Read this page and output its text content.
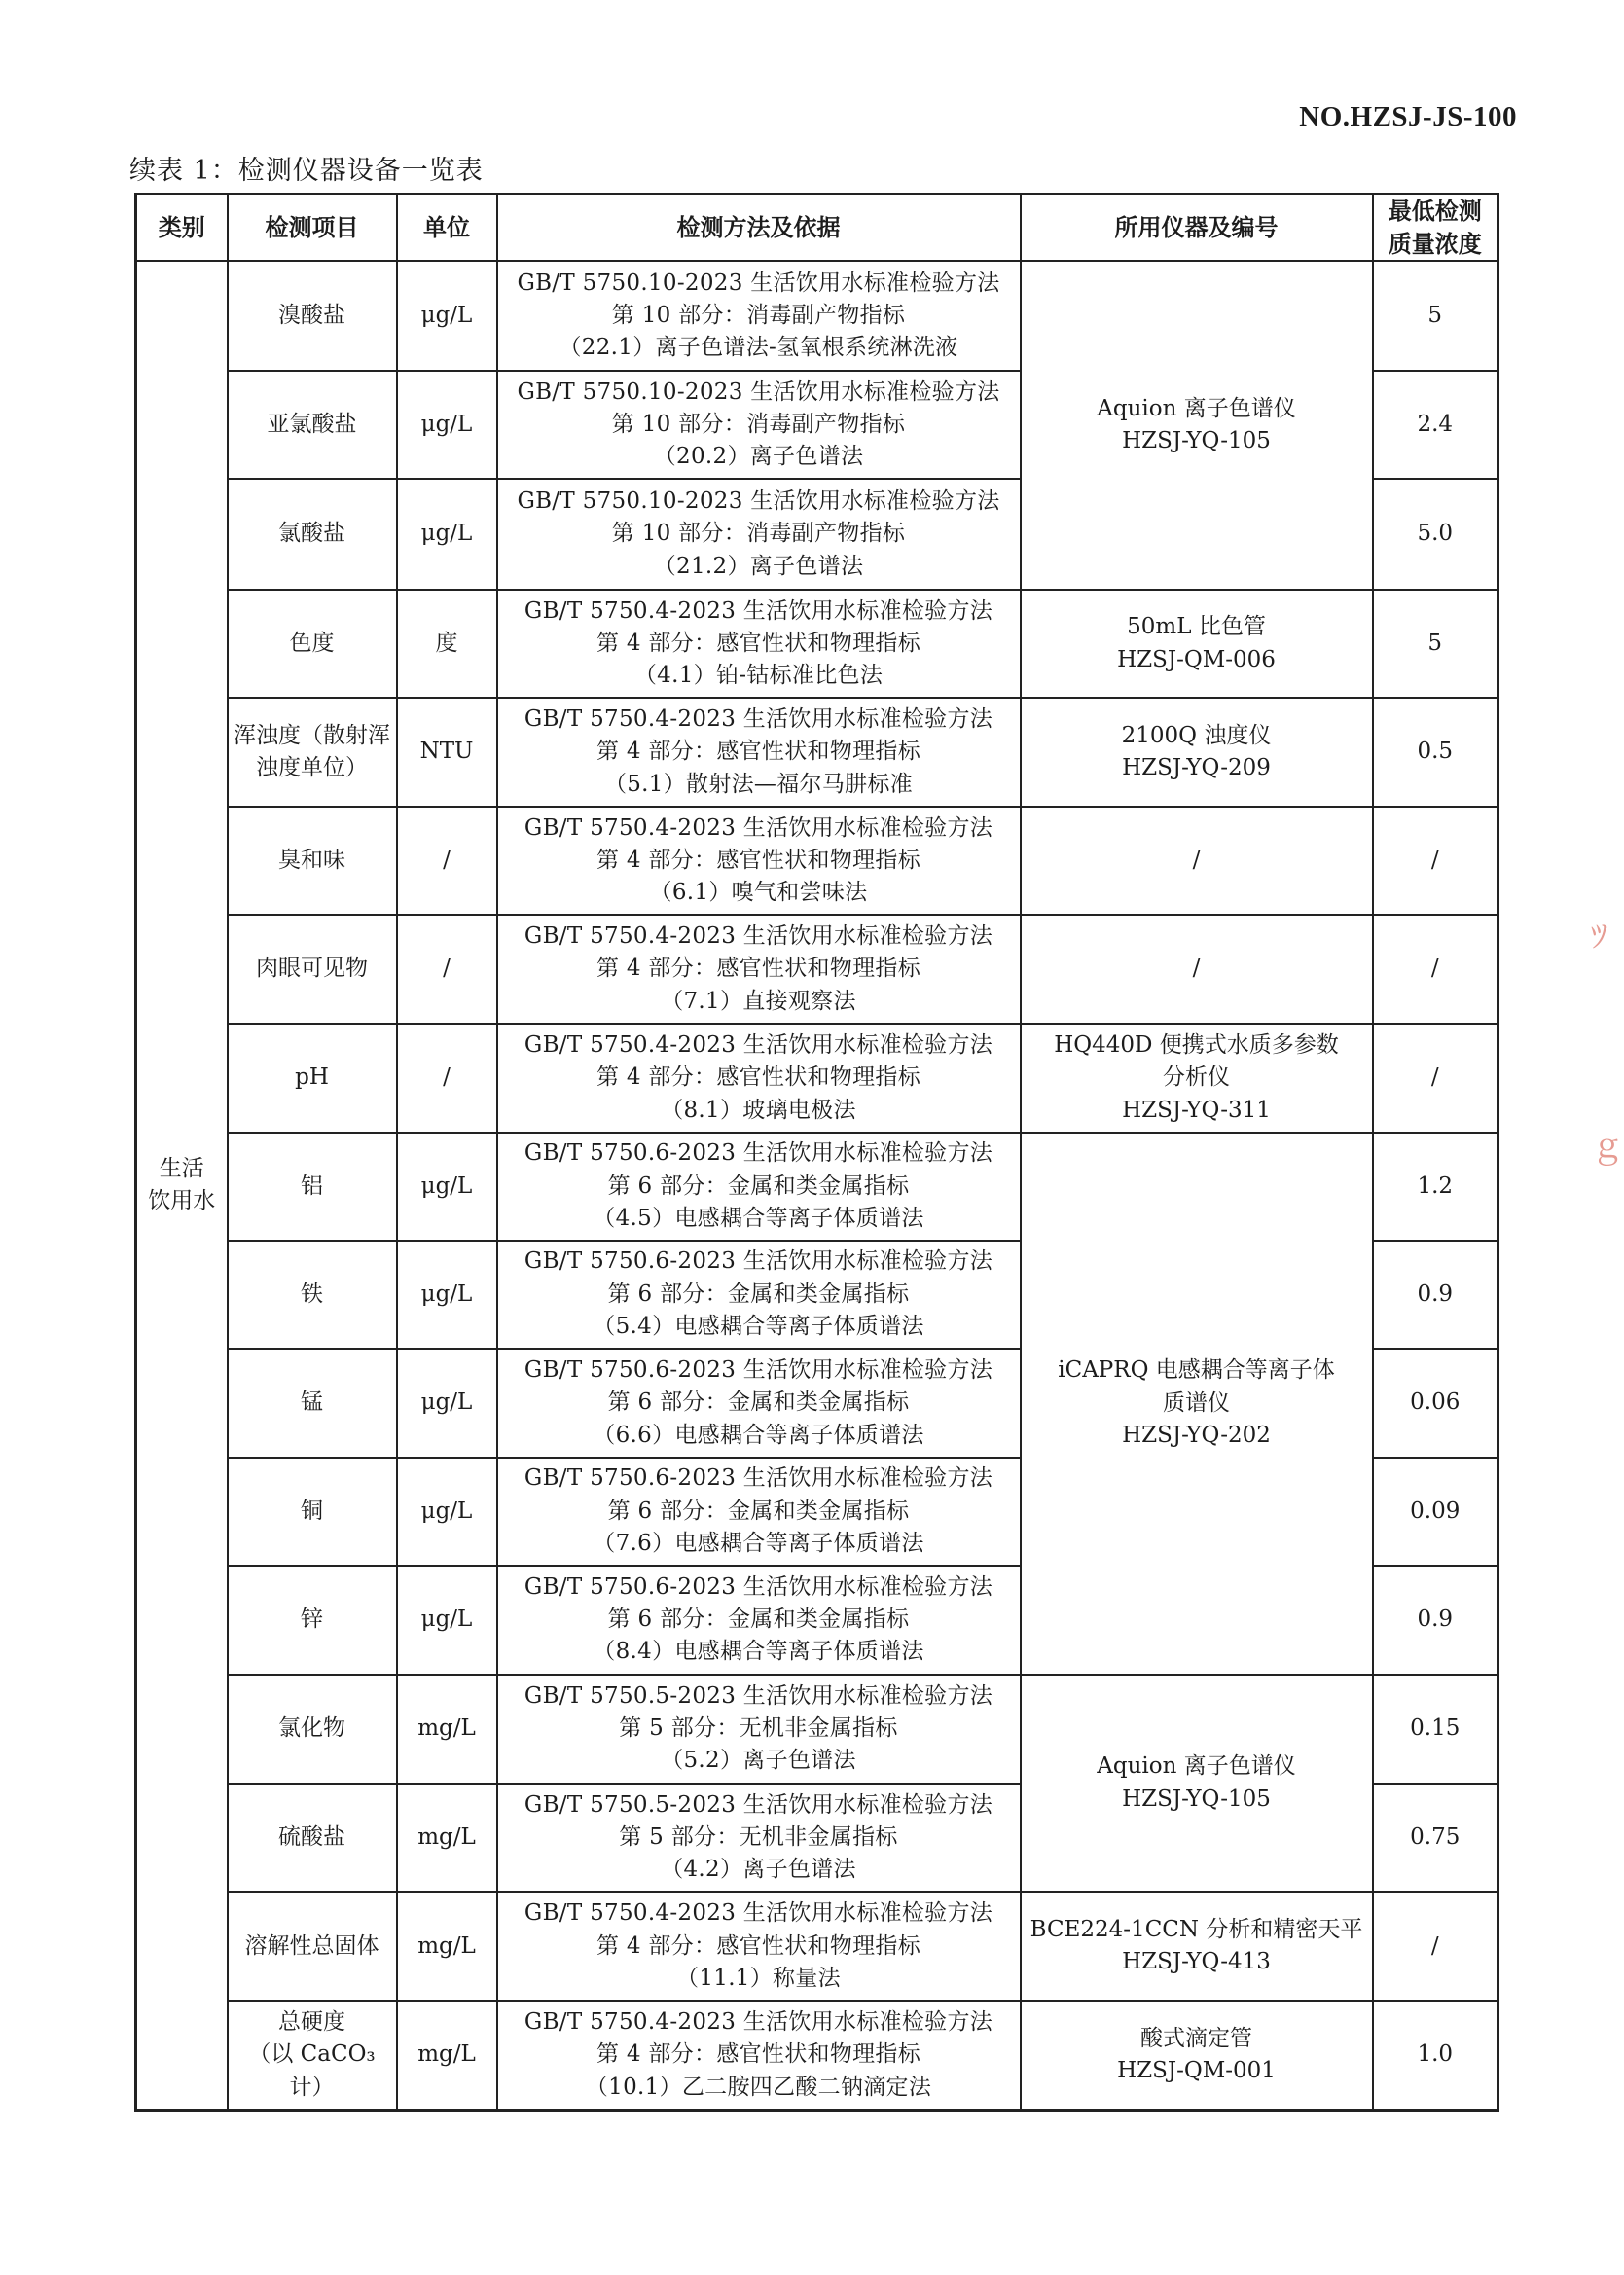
NO.HZSJ-JS-100
续表 1：检测仪器设备一览表
类别	检测项目	单位	检测方法及依据	所用仪器及编号	最低检测
质量浓度

生活
饮用水	溴酸盐	μg/L	GB/T 5750.10-2023 生活饮用水标准检验方法
第 10 部分：消毒副产物指标
（22.1）离子色谱法-氢氧根系统淋洗液	Aquion 离子色谱仪
HZSJ-YQ-105	5

	亚氯酸盐	μg/L	GB/T 5750.10-2023 生活饮用水标准检验方法
第 10 部分：消毒副产物指标
（20.2）离子色谱法		2.4

	氯酸盐	μg/L	GB/T 5750.10-2023 生活饮用水标准检验方法
第 10 部分：消毒副产物指标
（21.2）离子色谱法		5.0

	色度	度	GB/T 5750.4-2023 生活饮用水标准检验方法
第 4 部分：感官性状和物理指标
（4.1）铂-钴标准比色法	50mL 比色管
HZSJ-QM-006	5

	浑浊度（散射浑
浊度单位）	NTU	GB/T 5750.4-2023 生活饮用水标准检验方法
第 4 部分：感官性状和物理指标
（5.1）散射法—福尔马肼标准	2100Q 浊度仪
HZSJ-YQ-209	0.5

	臭和味	/	GB/T 5750.4-2023 生活饮用水标准检验方法
第 4 部分：感官性状和物理指标
（6.1）嗅气和尝味法	/	/

	肉眼可见物	/	GB/T 5750.4-2023 生活饮用水标准检验方法
第 4 部分：感官性状和物理指标
（7.1）直接观察法	/	/

	pH	/	GB/T 5750.4-2023 生活饮用水标准检验方法
第 4 部分：感官性状和物理指标
（8.1）玻璃电极法	HQ440D 便携式水质多参数
分析仪
HZSJ-YQ-311	/

	铝	μg/L	GB/T 5750.6-2023 生活饮用水标准检验方法
第 6 部分：金属和类金属指标
（4.5）电感耦合等离子体质谱法	iCAPRQ 电感耦合等离子体
质谱仪
HZSJ-YQ-202	1.2

	铁	μg/L	GB/T 5750.6-2023 生活饮用水标准检验方法
第 6 部分：金属和类金属指标
（5.4）电感耦合等离子体质谱法		0.9

	锰	μg/L	GB/T 5750.6-2023 生活饮用水标准检验方法
第 6 部分：金属和类金属指标
（6.6）电感耦合等离子体质谱法		0.06

	铜	μg/L	GB/T 5750.6-2023 生活饮用水标准检验方法
第 6 部分：金属和类金属指标
（7.6）电感耦合等离子体质谱法		0.09

	锌	μg/L	GB/T 5750.6-2023 生活饮用水标准检验方法
第 6 部分：金属和类金属指标
（8.4）电感耦合等离子体质谱法		0.9

	氯化物	mg/L	GB/T 5750.5-2023 生活饮用水标准检验方法
第 5 部分：无机非金属指标
（5.2）离子色谱法	Aquion 离子色谱仪
HZSJ-YQ-105	0.15

	硫酸盐	mg/L	GB/T 5750.5-2023 生活饮用水标准检验方法
第 5 部分：无机非金属指标
（4.2）离子色谱法		0.75

	溶解性总固体	mg/L	GB/T 5750.4-2023 生活饮用水标准检验方法
第 4 部分：感官性状和物理指标
（11.1）称量法	BCE224-1CCN 分析和精密天平
HZSJ-YQ-413	/

	总硬度
（以 CaCO₃计）	mg/L	GB/T 5750.4-2023 生活饮用水标准检验方法
第 4 部分：感官性状和物理指标
（10.1）乙二胺四乙酸二钠滴定法	酸式滴定管
HZSJ-QM-001	1.0
ﾂ
ｇ
